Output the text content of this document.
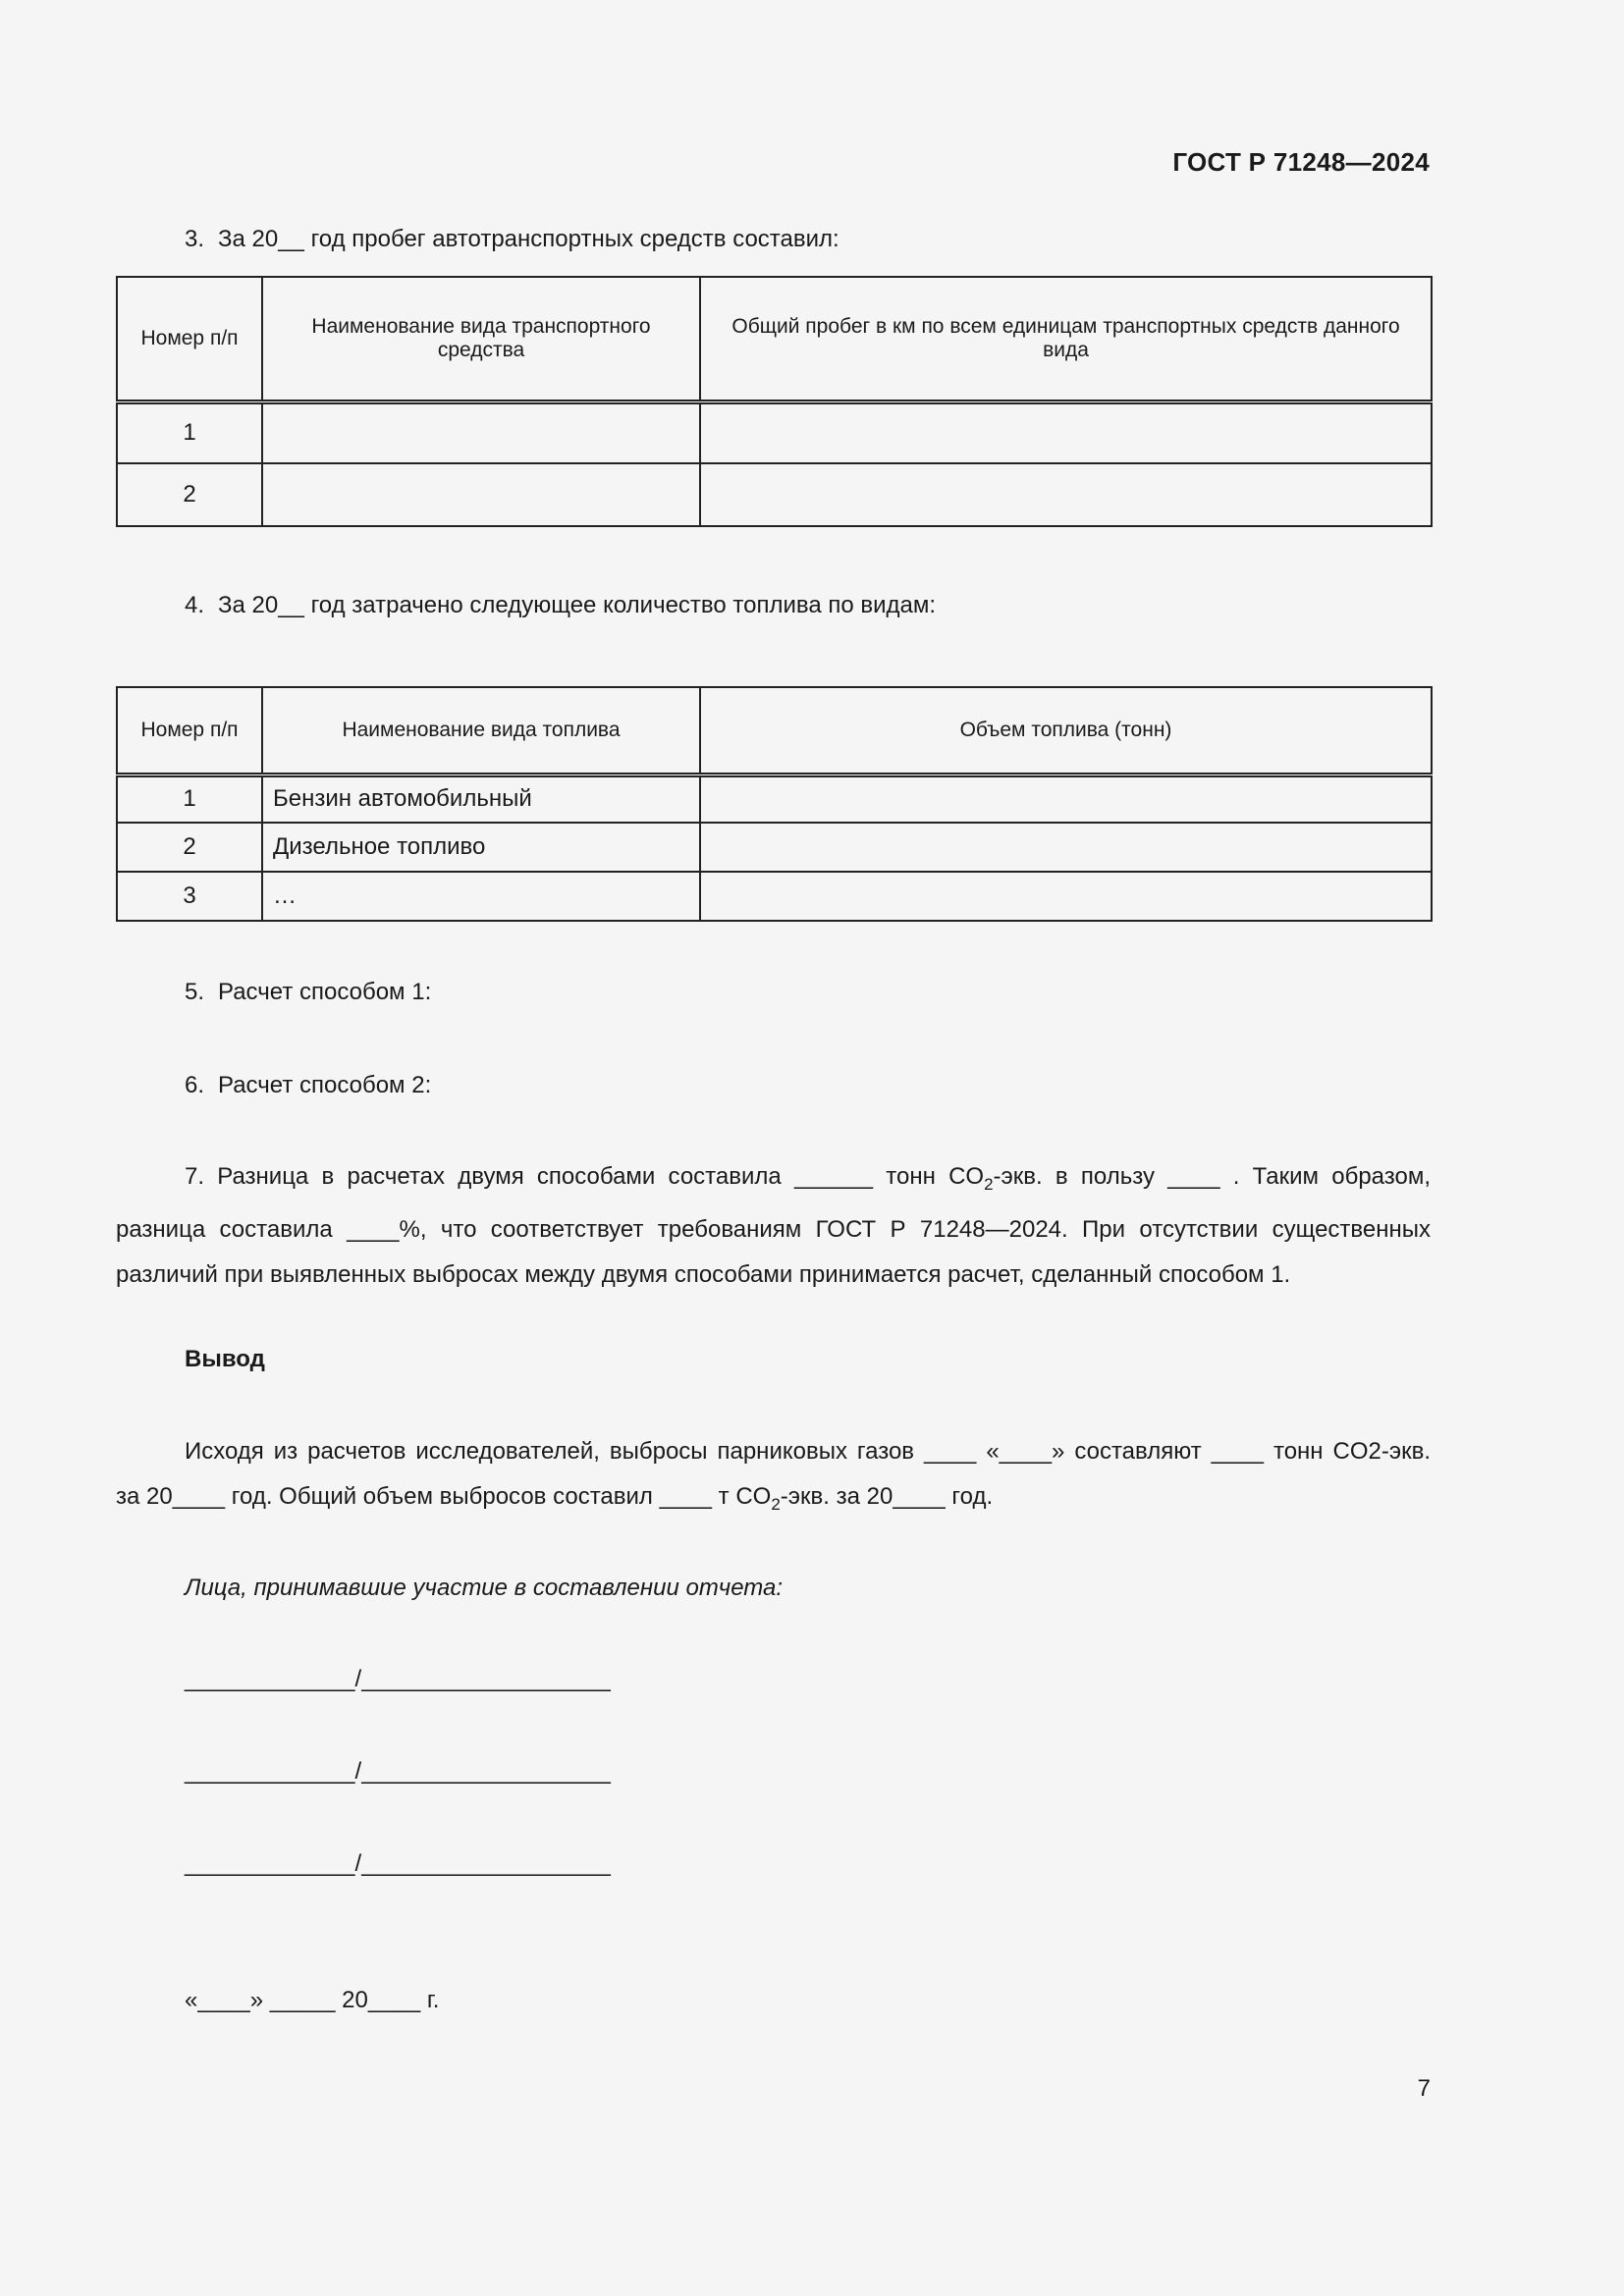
ГОСТ Р 71248—2024
3. За 20__ год пробег автотранспортных средств составил:
Номер п/п	Наименование вида транспортного средства	Общий пробег в км по всем единицам транспортных средств данного вида
1		
2		
4. За 20__ год затрачено следующее количество топлива по видам:
Номер п/п	Наименование вида топлива	Объем топлива (тонн)
1	Бензин автомобильный	
2	Дизельное топливо	
3	…	
5. Расчет способом 1:
6. Расчет способом 2:
7. Разница в расчетах двумя способами составила ______ тонн $CO_2$-экв. в пользу ____ . Таким образом,
разница составила ____%, что соответствует требованиям ГОСТ Р 71248—2024. При отсутствии существенных различий при выявленных выбросах между двумя способами принимается расчет, сделанный способом 1.
Вывод
Исходя из расчетов исследователей, выбросы парниковых газов ____ «____» составляют ____ тонн CO2-экв.
за 20____ год. Общий объем выбросов составил ____ т $CO_2$-экв. за 20____ год.
Лица, принимавшие участие в составлении отчета:
_____________/___________________
_____________/___________________
_____________/___________________
«____» _____ 20____ г.
7
